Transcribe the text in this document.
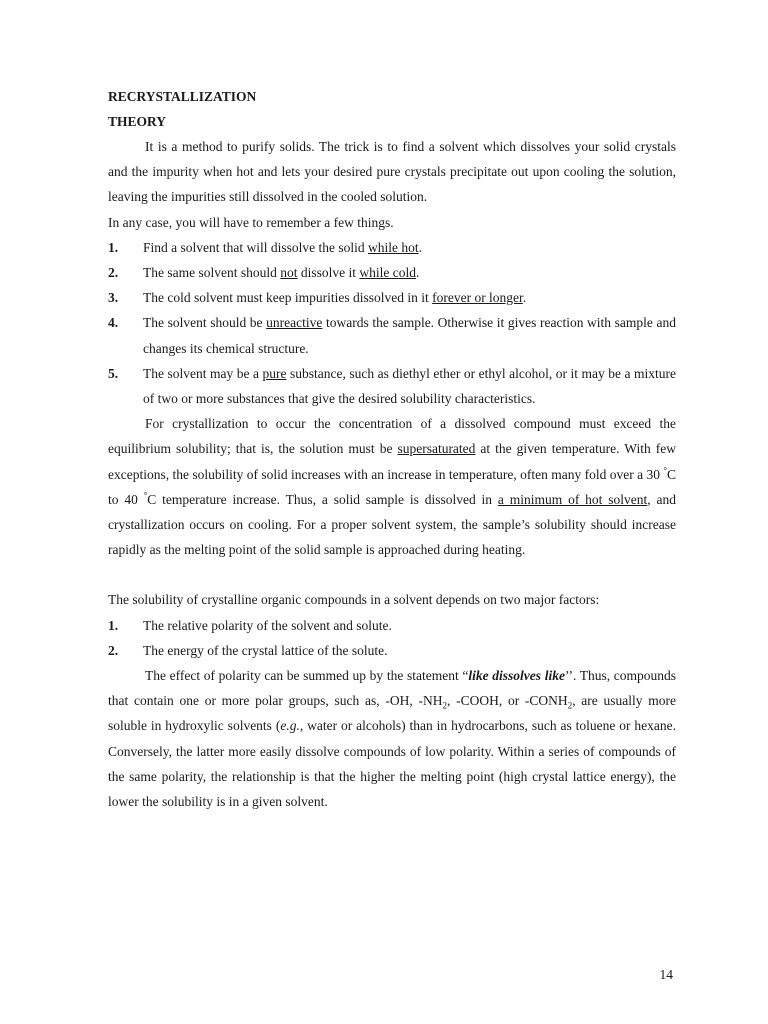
RECRYSTALLIZATION

THEORY

It is a method to purify solids. The trick is to find a solvent which dissolves your solid crystals and the impurity when hot and lets your desired pure crystals precipitate out upon cooling the solution, leaving the impurities still dissolved in the cooled solution.

In any case, you will have to remember a few things.

1.	Find a solvent that will dissolve the solid while hot.
2.	The same solvent should not dissolve it while cold.
3.	The cold solvent must keep impurities dissolved in it forever or longer.
4.	The solvent should be unreactive towards the sample. Otherwise it gives reaction with sample and changes its chemical structure.
5.	The solvent may be a pure substance, such as diethyl ether or ethyl alcohol, or it may be a mixture of two or more substances that give the desired solubility characteristics.

For crystallization to occur the concentration of a dissolved compound must exceed the equilibrium solubility; that is, the solution must be supersaturated at the given temperature. With few exceptions, the solubility of solid increases with an increase in temperature, often many fold over a 30 °C to 40 °C temperature increase. Thus, a solid sample is dissolved in a minimum of hot solvent, and crystallization occurs on cooling. For a proper solvent system, the sample’s solubility should increase rapidly as the melting point of the solid sample is approached during heating.

The solubility of crystalline organic compounds in a solvent depends on two major factors:

1.	The relative polarity of the solvent and solute.
2.	The energy of the crystal lattice of the solute.

The effect of polarity can be summed up by the statement “like dissolves like’’. Thus, compounds that contain one or more polar groups, such as, -OH, $-NH_2$, -COOH, or $-CONH_2$, are usually more soluble in hydroxylic solvents (e.g., water or alcohols) than in hydrocarbons, such as toluene or hexane. Conversely, the latter more easily dissolve compounds of low polarity. Within a series of compounds of the same polarity, the relationship is that the higher the melting point (high crystal lattice energy), the lower the solubility is in a given solvent.

14
